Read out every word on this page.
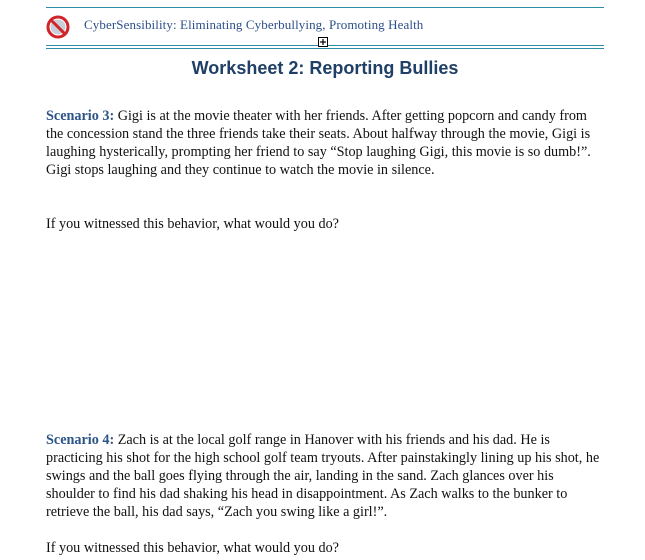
CyberSensibility: Eliminating Cyberbullying, Promoting Health
Worksheet 2: Reporting Bullies
Scenario 3: Gigi is at the movie theater with her friends. After getting popcorn and candy from the concession stand the three friends take their seats. About halfway through the movie, Gigi is laughing hysterically, prompting her friend to say “Stop laughing Gigi, this movie is so dumb!”. Gigi stops laughing and they continue to watch the movie in silence.
If you witnessed this behavior, what would you do?
Scenario 4: Zach is at the local golf range in Hanover with his friends and his dad. He is practicing his shot for the high school golf team tryouts. After painstakingly lining up his shot, he swings and the ball goes flying through the air, landing in the sand. Zach glances over his shoulder to find his dad shaking his head in disappointment. As Zach walks to the bunker to retrieve the ball, his dad says, “Zach you swing like a girl!”.
If you witnessed this behavior, what would you do?
